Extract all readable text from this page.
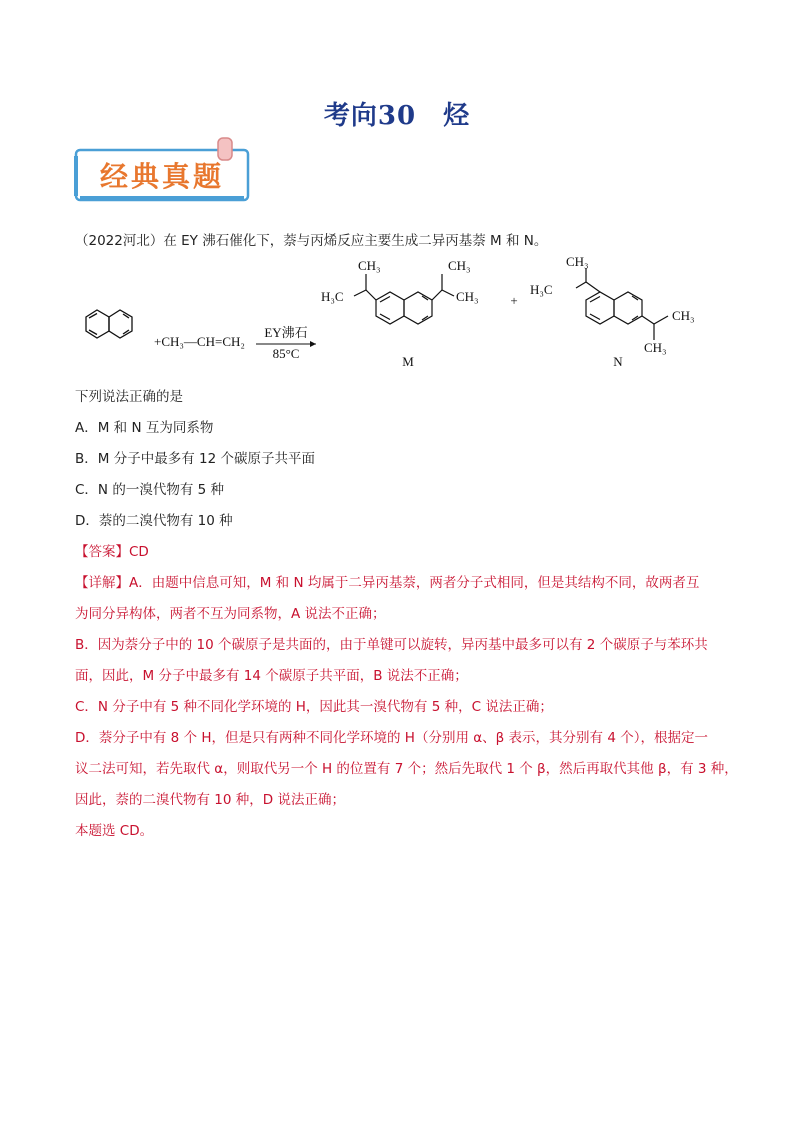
考向30　烃
经典真题
（2022河北）在 EY 沸石催化下，萘与丙烯反应主要生成二异丙基萘 M 和 N。
+CH₃—CH=CH₂
EY沸石
85°C
CH₃
H₃C
CH₃
CH₃
M
+
CH₃
H₃C
CH₃
CH₃
N
下列说法正确的是
A．M 和 N 互为同系物
B．M 分子中最多有 12 个碳原子共平面
C．N 的一溴代物有 5 种
D．萘的二溴代物有 10 种
【答案】CD
【详解】A．由题中信息可知，M 和 N 均属于二异丙基萘，两者分子式相同，但是其结构不同，故两者互
为同分异构体，两者不互为同系物，A 说法不正确；
B．因为萘分子中的 10 个碳原子是共面的，由于单键可以旋转，异丙基中最多可以有 2 个碳原子与苯环共
面，因此，M 分子中最多有 14 个碳原子共平面，B 说法不正确；
C．N 分子中有 5 种不同化学环境的 H，因此其一溴代物有 5 种，C 说法正确；
D．萘分子中有 8 个 H，但是只有两种不同化学环境的 H（分别用 α、β 表示，其分别有 4 个），根据定一
议二法可知，若先取代 α，则取代另一个 H 的位置有 7 个；然后先取代 1 个 β，然后再取代其他 β，有 3 种，
因此，萘的二溴代物有 10 种，D 说法正确；
本题选 CD。
